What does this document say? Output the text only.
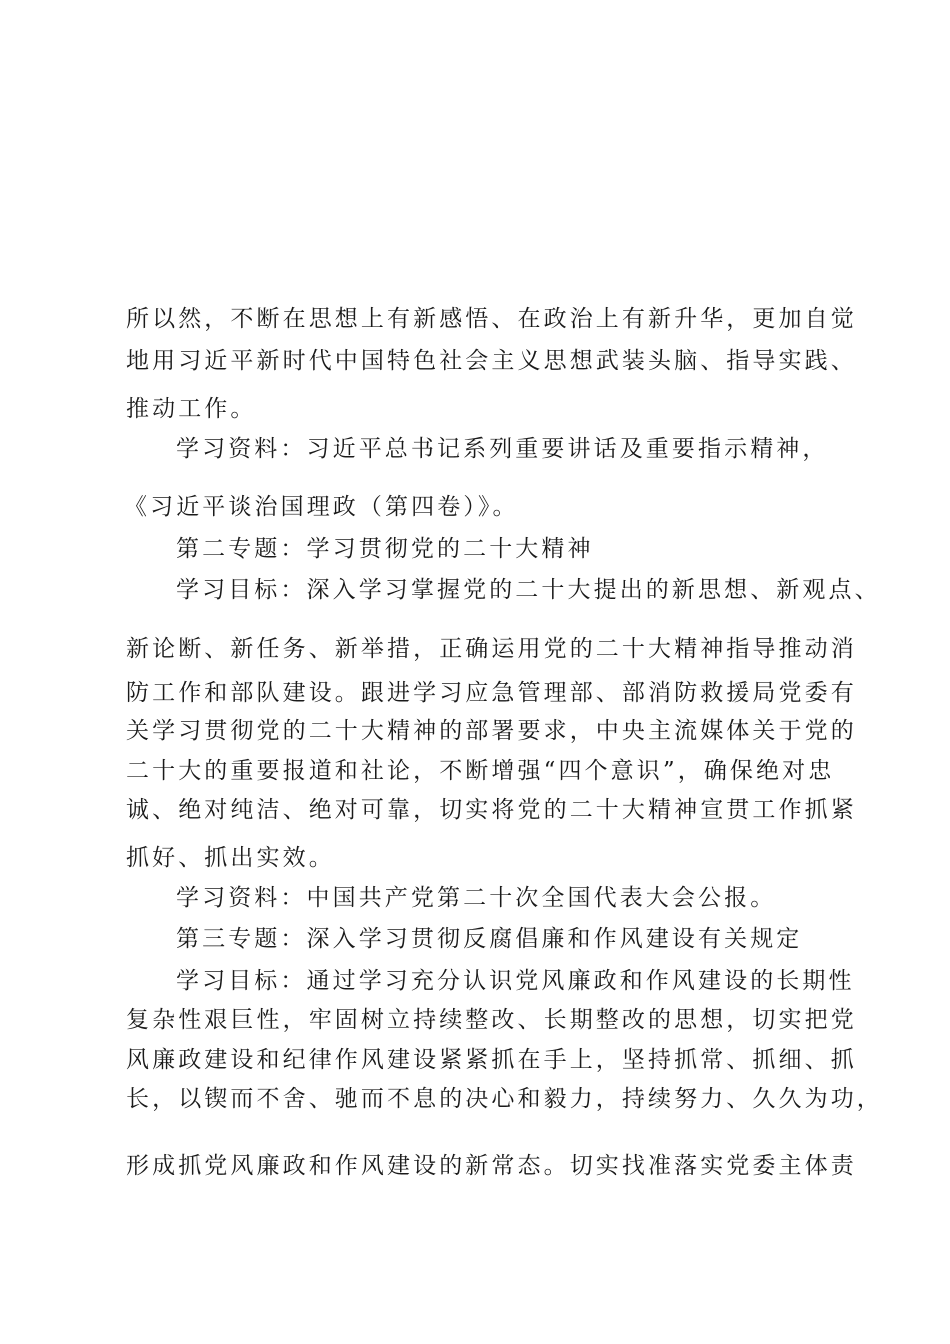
所以然，不断在思想上有新感悟、在政治上有新升华，更加自觉
地用习近平新时代中国特色社会主义思想武装头脑、指导实践、
推动工作。
学习资料：习近平总书记系列重要讲话及重要指示精神，
《习近平谈治国理政（第四卷）》。
第二专题：学习贯彻党的二十大精神
学习目标：深入学习掌握党的二十大提出的新思想、新观点、
新论断、新任务、新举措，正确运用党的二十大精神指导推动消
防工作和部队建设。跟进学习应急管理部、部消防救援局党委有
关学习贯彻党的二十大精神的部署要求，中央主流媒体关于党的
二十大的重要报道和社论，不断增强“四个意识”，确保绝对忠
诚、绝对纯洁、绝对可靠，切实将党的二十大精神宣贯工作抓紧
抓好、抓出实效。
学习资料：中国共产党第二十次全国代表大会公报。
第三专题：深入学习贯彻反腐倡廉和作风建设有关规定
学习目标：通过学习充分认识党风廉政和作风建设的长期性
复杂性艰巨性，牢固树立持续整改、长期整改的思想，切实把党
风廉政建设和纪律作风建设紧紧抓在手上，坚持抓常、抓细、抓
长，以锲而不舍、驰而不息的决心和毅力，持续努力、久久为功，
形成抓党风廉政和作风建设的新常态。切实找准落实党委主体责
